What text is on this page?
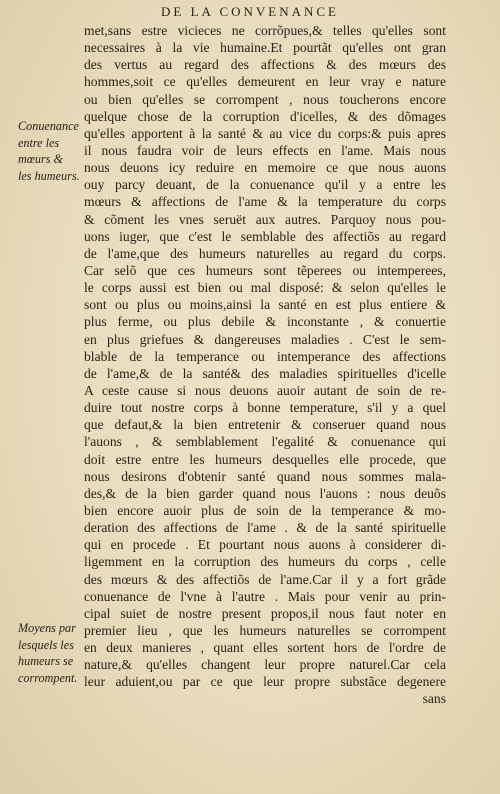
DE LA CONVENANCE
Conuenance
entre les
mœurs &
les humeurs.
Moyens par
lesquels les
humeurs se
corrompent.
met,sans estre vicieces ne corrõpues,& telles qu'elles sont
necessaires à la vie humaine.Et pourtãt qu'elles ont gran
des vertus au regard des affections & des mœurs des
hommes,soit ce qu'elles demeurent en leur vray e nature
ou bien qu'elles se corrompent , nous toucherons encore
quelque chose de la corruption d'icelles, & des dõmages
qu'elles apportent à la santé & au vice du corps:& puis apres
il nous faudra voir de leurs effects en l'ame. Mais nous
nous deuons icy reduire en memoire ce que nous auons
ouy parcy deuant, de la conuenance qu'il y a entre les
mœurs & affections de l'ame & la temperature du corps
& cõment les vnes seruët aux autres. Parquoy nous pou-
uons iuger, que c'est le semblable des affectiõs au regard
de l'ame,que des humeurs naturelles au regard du corps.
Car selõ que ces humeurs sont tẽperees ou intemperees,
le corps aussi est bien ou mal disposé: & selon qu'elles le
sont ou plus ou moins,ainsi la santé en est plus entiere &
plus ferme, ou plus debile & inconstante , & conuertie
en plus griefues & dangereuses maladies . C'est le sem-
blable de la temperance ou intemperance des affections
de l'ame,& de la santé& des maladies spirituelles d'icelle
A ceste cause si nous deuons auoir autant de soin de re-
duire tout nostre corps à bonne temperature, s'il y a quel
que defaut,& la bien entretenir & conseruer quand nous
l'auons , & semblablement l'egalité & conuenance qui
doit estre entre les humeurs desquelles elle procede, que
nous desirons d'obtenir santé quand nous sommes mala-
des,& de la bien garder quand nous l'auons : nous deuõs
bien encore auoir plus de soin de la temperance & mo-
deration des affections de l'ame . & de la santé spirituelle
qui en procede . Et pourtant nous auons à considerer di-
ligemment en la corruption des humeurs du corps , celle
des mœurs & des affectiõs de l'ame.Car il y a fort grãde
conuenance de l'vne à l'autre . Mais pour venir au prin-
cipal suiet de nostre present propos,il nous faut noter en
premier lieu , que les humeurs naturelles se corrompent
en deux manieres , quant elles sortent hors de l'ordre de
nature,& qu'elles changent leur propre naturel.Car cela
leur aduient,ou par ce que leur propre substãce degenere
sans
